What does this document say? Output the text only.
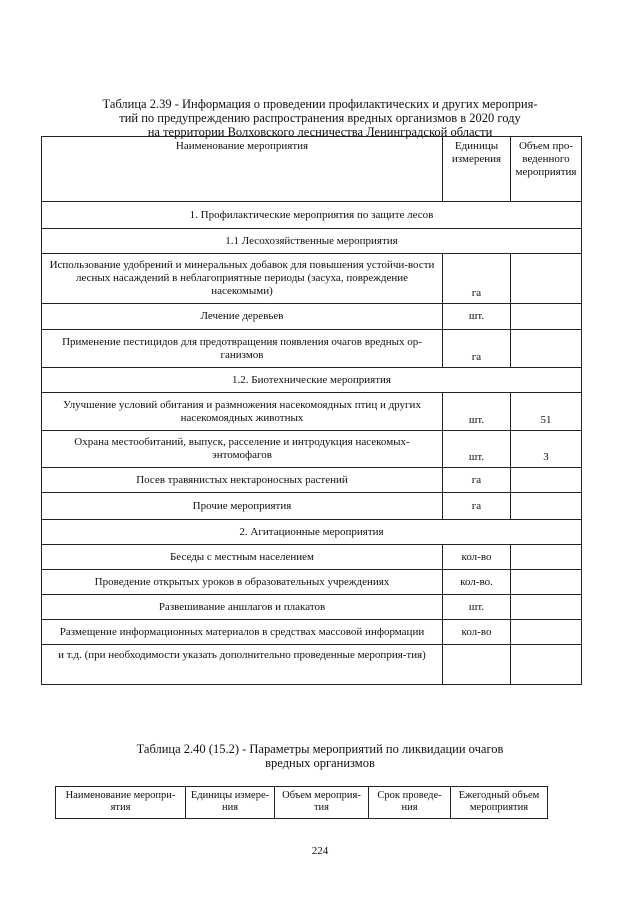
Таблица 2.39 - Информация о проведении профилактических и других мероприя-
тий по предупреждению распространения вредных организмов в 2020 году
на территории Волховского лесничества Ленинградской области
Наименование мероприятия	Единицы измерения	Объем про-веденного мероприятия
1. Профилактические мероприятия по защите лесов		
1.1 Лесохозяйственные мероприятия		
Использование удобрений и минеральных добавок для повышения устойчи-вости лесных насаждений в неблагоприятные периоды (засуха, повреждение насекомыми)	га	
Лечение деревьев	шт.	
Применение пестицидов для предотвращения появления очагов вредных ор-ганизмов	га	
1.2. Биотехнические мероприятия		
Улучшение условий обитания и размножения насекомоядных птиц и других насекомоядных животных	шт.	51
Охрана местообитаний, выпуск, расселение и интродукция насекомых-энтомофагов	шт.	3
Посев травянистых нектароносных растений	га	
Прочие мероприятия	га	
2. Агитационные мероприятия		
Беседы с местным населением	кол-во	
Проведение открытых уроков в образовательных учреждениях	кол-во.	
Развешивание аншлагов и плакатов	шт.	
Размещение информационных материалов в средствах массовой информации	кол-во	
и т.д. (при необходимости указать дополнительно проведенные мероприя-тия)		
Таблица 2.40 (15.2) - Параметры мероприятий по ликвидации очагов
вредных организмов
Наименование меропри-ятия	Единицы измере-ния	Объем мероприя-тия	Срок проведе-ния	Ежегодный объем мероприятия
224
